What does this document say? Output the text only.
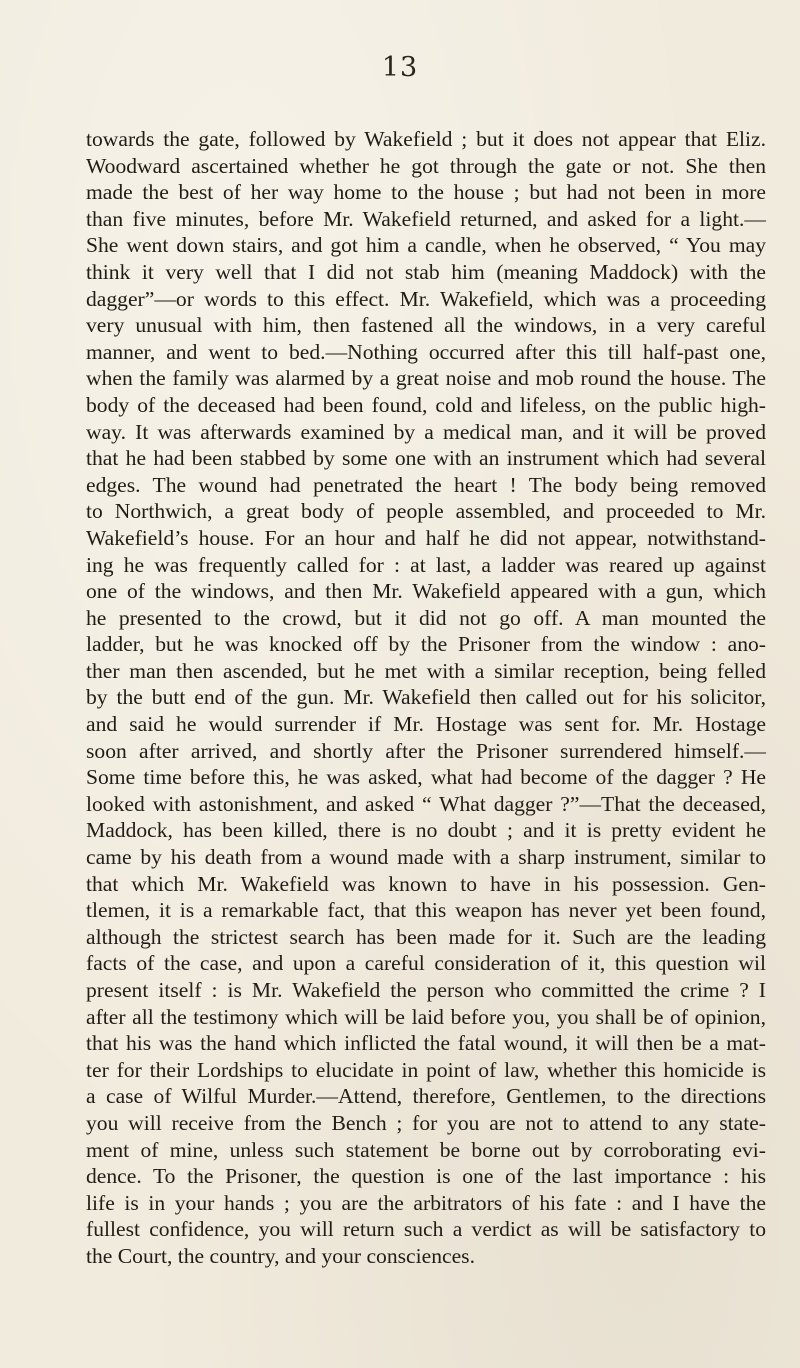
13
towards the gate, followed by Wakefield ; but it does not appear that Eliz.
Woodward ascertained whether he got through the gate or not. She then
made the best of her way home to the house ; but had not been in more
than five minutes, before Mr. Wakefield returned, and asked for a light.—
She went down stairs, and got him a candle, when he observed, “ You may
think it very well that I did not stab him (meaning Maddock) with the
dagger”—or words to this effect. Mr. Wakefield, which was a proceeding
very unusual with him, then fastened all the windows, in a very careful
manner, and went to bed.—Nothing occurred after this till half-past one,
when the family was alarmed by a great noise and mob round the house. The
body of the deceased had been found, cold and lifeless, on the public high-
way. It was afterwards examined by a medical man, and it will be proved
that he had been stabbed by some one with an instrument which had several
edges. The wound had penetrated the heart ! The body being removed
to Northwich, a great body of people assembled, and proceeded to Mr.
Wakefield’s house. For an hour and half he did not appear, notwithstand-
ing he was frequently called for : at last, a ladder was reared up against
one of the windows, and then Mr. Wakefield appeared with a gun, which
he presented to the crowd, but it did not go off. A man mounted the
ladder, but he was knocked off by the Prisoner from the window : ano-
ther man then ascended, but he met with a similar reception, being felled
by the butt end of the gun. Mr. Wakefield then called out for his solicitor,
and said he would surrender if Mr. Hostage was sent for. Mr. Hostage
soon after arrived, and shortly after the Prisoner surrendered himself.—
Some time before this, he was asked, what had become of the dagger ? He
looked with astonishment, and asked “ What dagger ?”—That the deceased,
Maddock, has been killed, there is no doubt ; and it is pretty evident he
came by his death from a wound made with a sharp instrument, similar to
that which Mr. Wakefield was known to have in his possession. Gen-
tlemen, it is a remarkable fact, that this weapon has never yet been found,
although the strictest search has been made for it. Such are the leading
facts of the case, and upon a careful consideration of it, this question wil
present itself : is Mr. Wakefield the person who committed the crime ? I
after all the testimony which will be laid before you, you shall be of opinion,
that his was the hand which inflicted the fatal wound, it will then be a mat-
ter for their Lordships to elucidate in point of law, whether this homicide is
a case of Wilful Murder.—Attend, therefore, Gentlemen, to the directions
you will receive from the Bench ; for you are not to attend to any state-
ment of mine, unless such statement be borne out by corroborating evi-
dence. To the Prisoner, the question is one of the last importance : his
life is in your hands ; you are the arbitrators of his fate : and I have the
fullest confidence, you will return such a verdict as will be satisfactory to
the Court, the country, and your consciences.
